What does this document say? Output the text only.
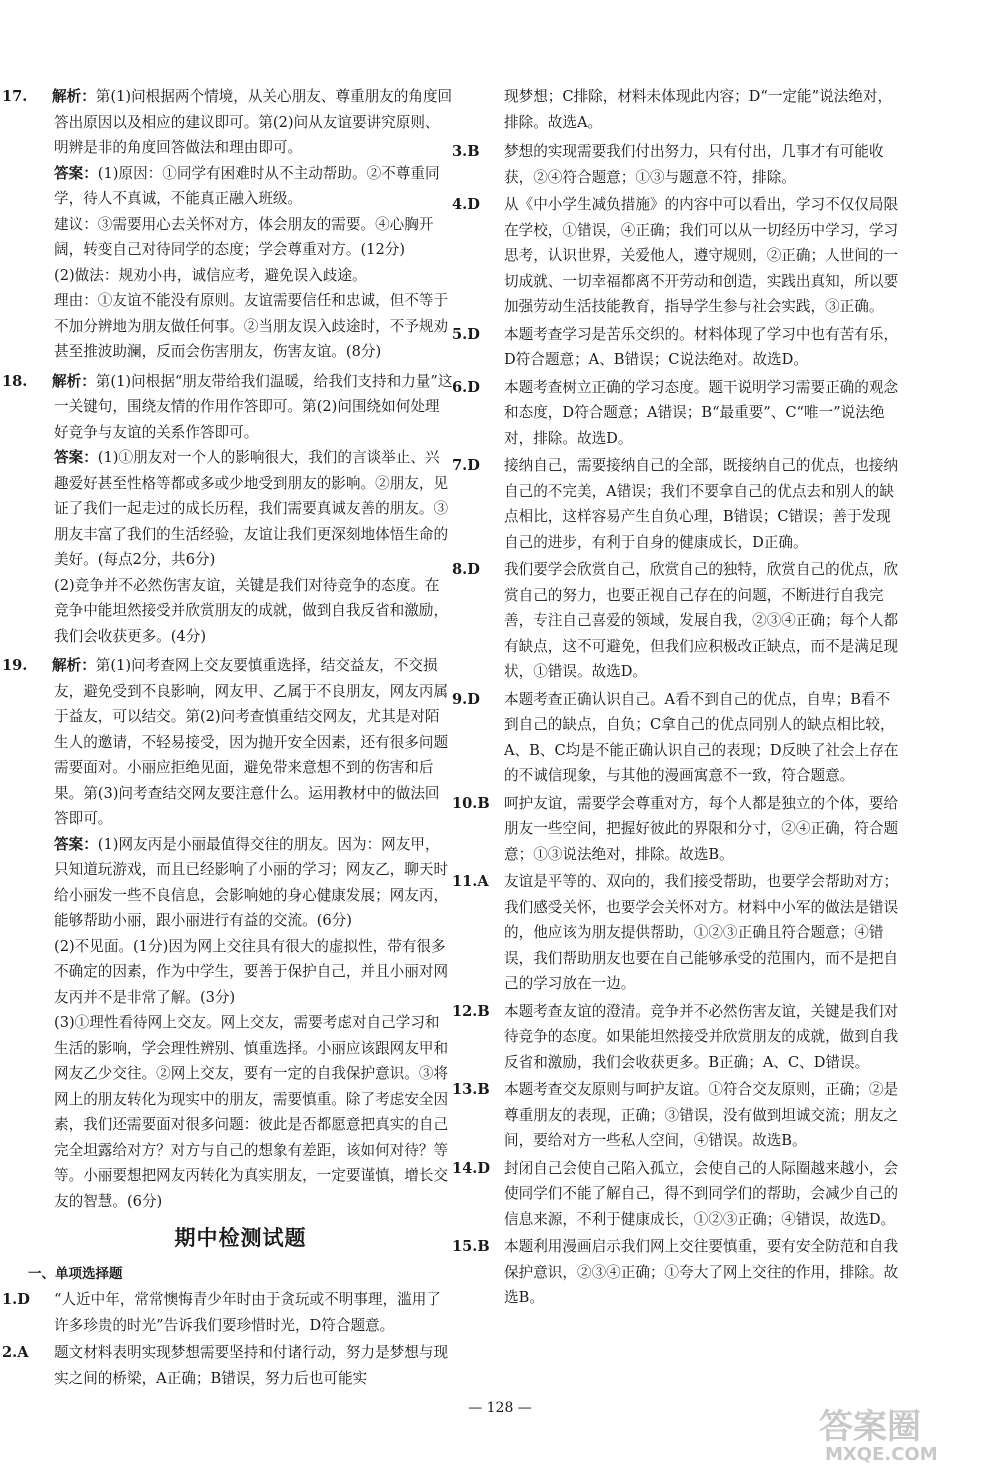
17. 解析：第(1)问根据两个情境，从关心朋友、尊重朋友的角度回答出原因以及相应的建议即可。第(2)问从友谊要讲究原则、明辨是非的角度回答做法和理由即可。

答案：(1)原因：①同学有困难时从不主动帮助。②不尊重同学，待人不真诚，不能真正融入班级。

建议：③需要用心去关怀对方，体会朋友的需要。④心胸开阔，转变自己对待同学的态度；学会尊重对方。(12分)

(2)做法：规劝小冉，诚信应考，避免误入歧途。

理由：①友谊不能没有原则。友谊需要信任和忠诚，但不等于不加分辨地为朋友做任何事。②当朋友误入歧途时，不予规劝甚至推波助澜，反而会伤害朋友，伤害友谊。(8分)

18. 解析：第(1)问根据“朋友带给我们温暖，给我们支持和力量”这一关键句，围绕友情的作用作答即可。第(2)问围绕如何处理好竞争与友谊的关系作答即可。

答案：(1)①朋友对一个人的影响很大，我们的言谈举止、兴趣爱好甚至性格等都或多或少地受到朋友的影响。②朋友，见证了我们一起走过的成长历程，我们需要真诚友善的朋友。③朋友丰富了我们的生活经验，友谊让我们更深刻地体悟生命的美好。(每点2分，共6分)

(2)竞争并不必然伤害友谊，关键是我们对待竞争的态度。在竞争中能坦然接受并欣赏朋友的成就，做到自我反省和激励，我们会收获更多。(4分)

19. 解析：第(1)问考查网上交友要慎重选择，结交益友，不交损友，避免受到不良影响，网友甲、乙属于不良朋友，网友丙属于益友，可以结交。第(2)问考查慎重结交网友，尤其是对陌生人的邀请，不轻易接受，因为抛开安全因素，还有很多问题需要面对。小丽应拒绝见面，避免带来意想不到的伤害和后果。第(3)问考查结交网友要注意什么。运用教材中的做法回答即可。

答案：(1)网友丙是小丽最值得交往的朋友。因为：网友甲，只知道玩游戏，而且已经影响了小丽的学习；网友乙，聊天时给小丽发一些不良信息，会影响她的身心健康发展；网友丙，能够帮助小丽，跟小丽进行有益的交流。(6分)

(2)不见面。(1分)因为网上交往具有很大的虚拟性，带有很多不确定的因素，作为中学生，要善于保护自己，并且小丽对网友丙并不是非常了解。(3分)

(3)①理性看待网上交友。网上交友，需要考虑对自己学习和生活的影响，学会理性辨别、慎重选择。小丽应该跟网友甲和网友乙少交往。②网上交友，要有一定的自我保护意识。③将网上的朋友转化为现实中的朋友，需要慎重。除了考虑安全因素，我们还需要面对很多问题：彼此是否都愿意把真实的自己完全坦露给对方？对方与自己的想象有差距，该如何对待？等等。小丽要想把网友丙转化为真实朋友，一定要谨慎，增长交友的智慧。(6分)

期中检测试题
一、单项选择题

1.D “人近中年，常常懊悔青少年时由于贪玩或不明事理，滥用了许多珍贵的时光”告诉我们要珍惜时光，D符合题意。

2.A 题文材料表明实现梦想需要坚持和付诸行动，努力是梦想与现实之间的桥梁，A正确；B错误，努力后也可能实

现梦想；C排除，材料未体现此内容；D“一定能”说法绝对，排除。故选A。

3.B 梦想的实现需要我们付出努力，只有付出，几事才有可能收获，②④符合题意；①③与题意不符，排除。

4.D 从《中小学生减负措施》的内容中可以看出，学习不仅仅局限在学校，①错误，④正确；我们可以从一切经历中学习，学习思考，认识世界，关爱他人，遵守规则，②正确；人世间的一切成就、一切幸福都离不开劳动和创造，实践出真知，所以要加强劳动生活技能教育，指导学生参与社会实践，③正确。

5.D 本题考查学习是苦乐交织的。材料体现了学习中也有苦有乐，D符合题意；A、B错误；C说法绝对。故选D。

6.D 本题考查树立正确的学习态度。题干说明学习需要正确的观念和态度，D符合题意；A错误；B“最重要”、C“唯一”说法绝对，排除。故选D。

7.D 接纳自己，需要接纳自己的全部，既接纳自己的优点，也接纳自己的不完美，A错误；我们不要拿自己的优点去和别人的缺点相比，这样容易产生自负心理，B错误；C错误；善于发现自己的进步，有利于自身的健康成长，D正确。

8.D 我们要学会欣赏自己，欣赏自己的独特，欣赏自己的优点，欣赏自己的努力，也要正视自己存在的问题，不断进行自我完善，专注自己喜爱的领域，发展自我，②③④正确；每个人都有缺点，这不可避免，但我们应积极改正缺点，而不是满足现状，①错误。故选D。

9.D 本题考查正确认识自己。A看不到自己的优点，自卑；B看不到自己的缺点，自负；C拿自己的优点同别人的缺点相比较，A、B、C均是不能正确认识自己的表现；D反映了社会上存在的不诚信现象，与其他的漫画寓意不一致，符合题意。

10.B 呵护友谊，需要学会尊重对方，每个人都是独立的个体，要给朋友一些空间，把握好彼此的界限和分寸，②④正确，符合题意；①③说法绝对，排除。故选B。

11.A 友谊是平等的、双向的，我们接受帮助，也要学会帮助对方；我们感受关怀，也要学会关怀对方。材料中小军的做法是错误的，他应该为朋友提供帮助，①②③正确且符合题意；④错误，我们帮助朋友也要在自己能够承受的范围内，而不是把自己的学习放在一边。

12.B 本题考查友谊的澄清。竞争并不必然伤害友谊，关键是我们对待竞争的态度。如果能坦然接受并欣赏朋友的成就，做到自我反省和激励，我们会收获更多。B正确；A、C、D错误。

13.B 本题考查交友原则与呵护友谊。①符合交友原则，正确；②是尊重朋友的表现，正确；③错误，没有做到坦诚交流；朋友之间，要给对方一些私人空间，④错误。故选B。

14.D 封闭自己会使自己陷入孤立，会使自己的人际圈越来越小，会使同学们不能了解自己，得不到同学们的帮助，会减少自己的信息来源，不利于健康成长，①②③正确；④错误，故选D。

15.B 本题利用漫画启示我们网上交往要慎重，要有安全防范和自我保护意识，②③④正确；①夸大了网上交往的作用，排除。故选B。

— 128 —	答案圈
MXQE.COM
